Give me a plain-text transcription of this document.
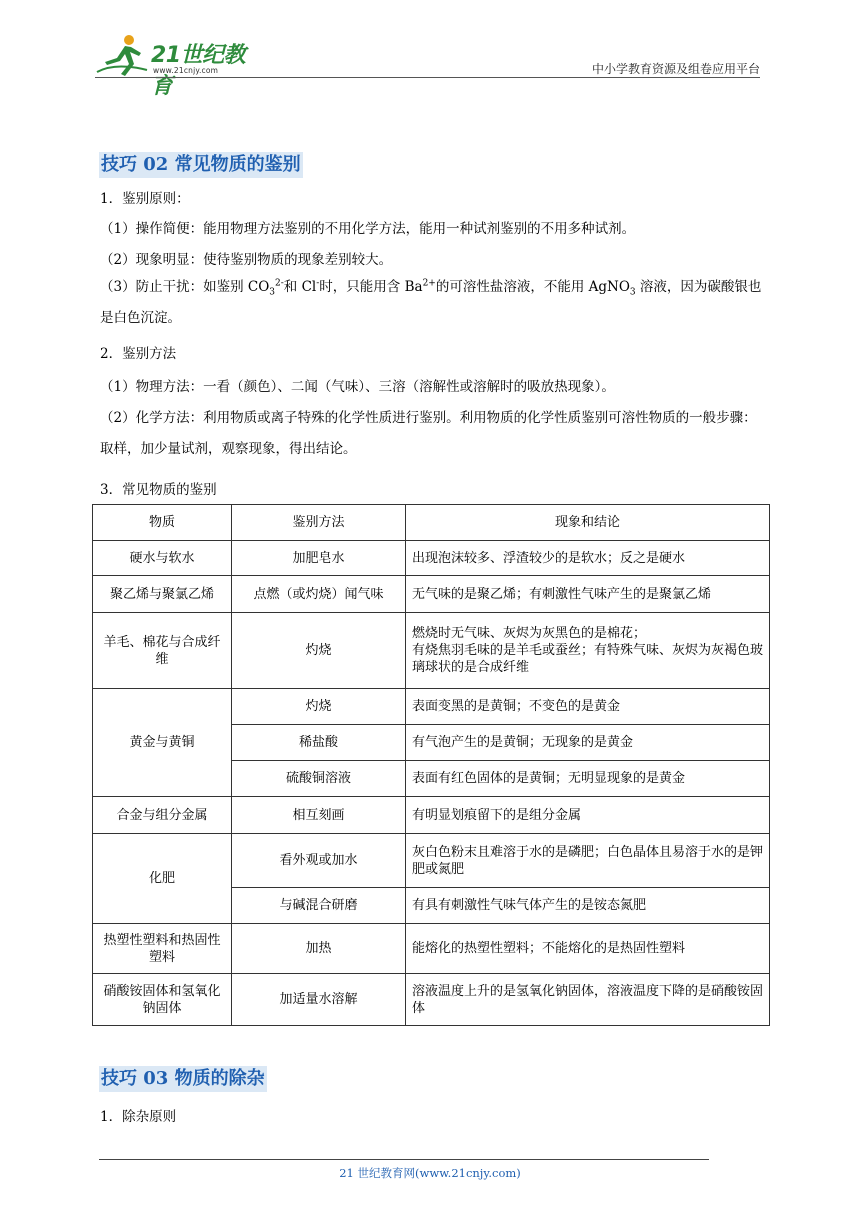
21世纪教育
www.21cnjy.com	中小学教育资源及组卷应用平台
技巧 02 常见物质的鉴别
1．鉴别原则：
（1）操作简便：能用物理方法鉴别的不用化学方法，能用一种试剂鉴别的不用多种试剂。
（2）现象明显：使待鉴别物质的现象差别较大。
（3）防止干扰：如鉴别 $CO_3^{2-}$和 Cl-时，只能用含 $Ba^{2+}$的可溶性盐溶液，不能用 AgNO$_3$ 溶液，因为碳酸银也是白色沉淀。
2．鉴别方法
（1）物理方法：一看（颜色）、二闻（气味）、三溶（溶解性或溶解时的吸放热现象）。
（2）化学方法：利用物质或离子特殊的化学性质进行鉴别。利用物质的化学性质鉴别可溶性物质的一般步骤：取样，加少量试剂，观察现象，得出结论。
3．常见物质的鉴别
物质	鉴别方法	现象和结论
硬水与软水	加肥皂水	出现泡沫较多、浮渣较少的是软水；反之是硬水
聚乙烯与聚氯乙烯	点燃（或灼烧）闻气味	无气味的是聚乙烯；有刺激性气味产生的是聚氯乙烯
羊毛、棉花与合成纤维	灼烧	燃烧时无气味、灰烬为灰黑色的是棉花；
有烧焦羽毛味的是羊毛或蚕丝；有特殊气味、灰烬为灰褐色玻璃球状的是合成纤维

黄金与黄铜	灼烧	表面变黑的是黄铜；不变色的是黄金
	稀盐酸	有气泡产生的是黄铜；无现象的是黄金
	硫酸铜溶液	表面有红色固体的是黄铜；无明显现象的是黄金
合金与组分金属	相互刻画	有明显划痕留下的是组分金属
化肥	看外观或加水	灰白色粉末且难溶于水的是磷肥；白色晶体且易溶于水的是钾肥或氮肥
	与碱混合研磨	有具有刺激性气味气体产生的是铵态氮肥
热塑性塑料和热固性塑料	加热	能熔化的热塑性塑料；不能熔化的是热固性塑料
硝酸铵固体和氢氧化钠固体	加适量水溶解	溶液温度上升的是氢氧化钠固体，溶液温度下降的是硝酸铵固体
技巧 03 物质的除杂
1．除杂原则
21 世纪教育网(www.21cnjy.com)
